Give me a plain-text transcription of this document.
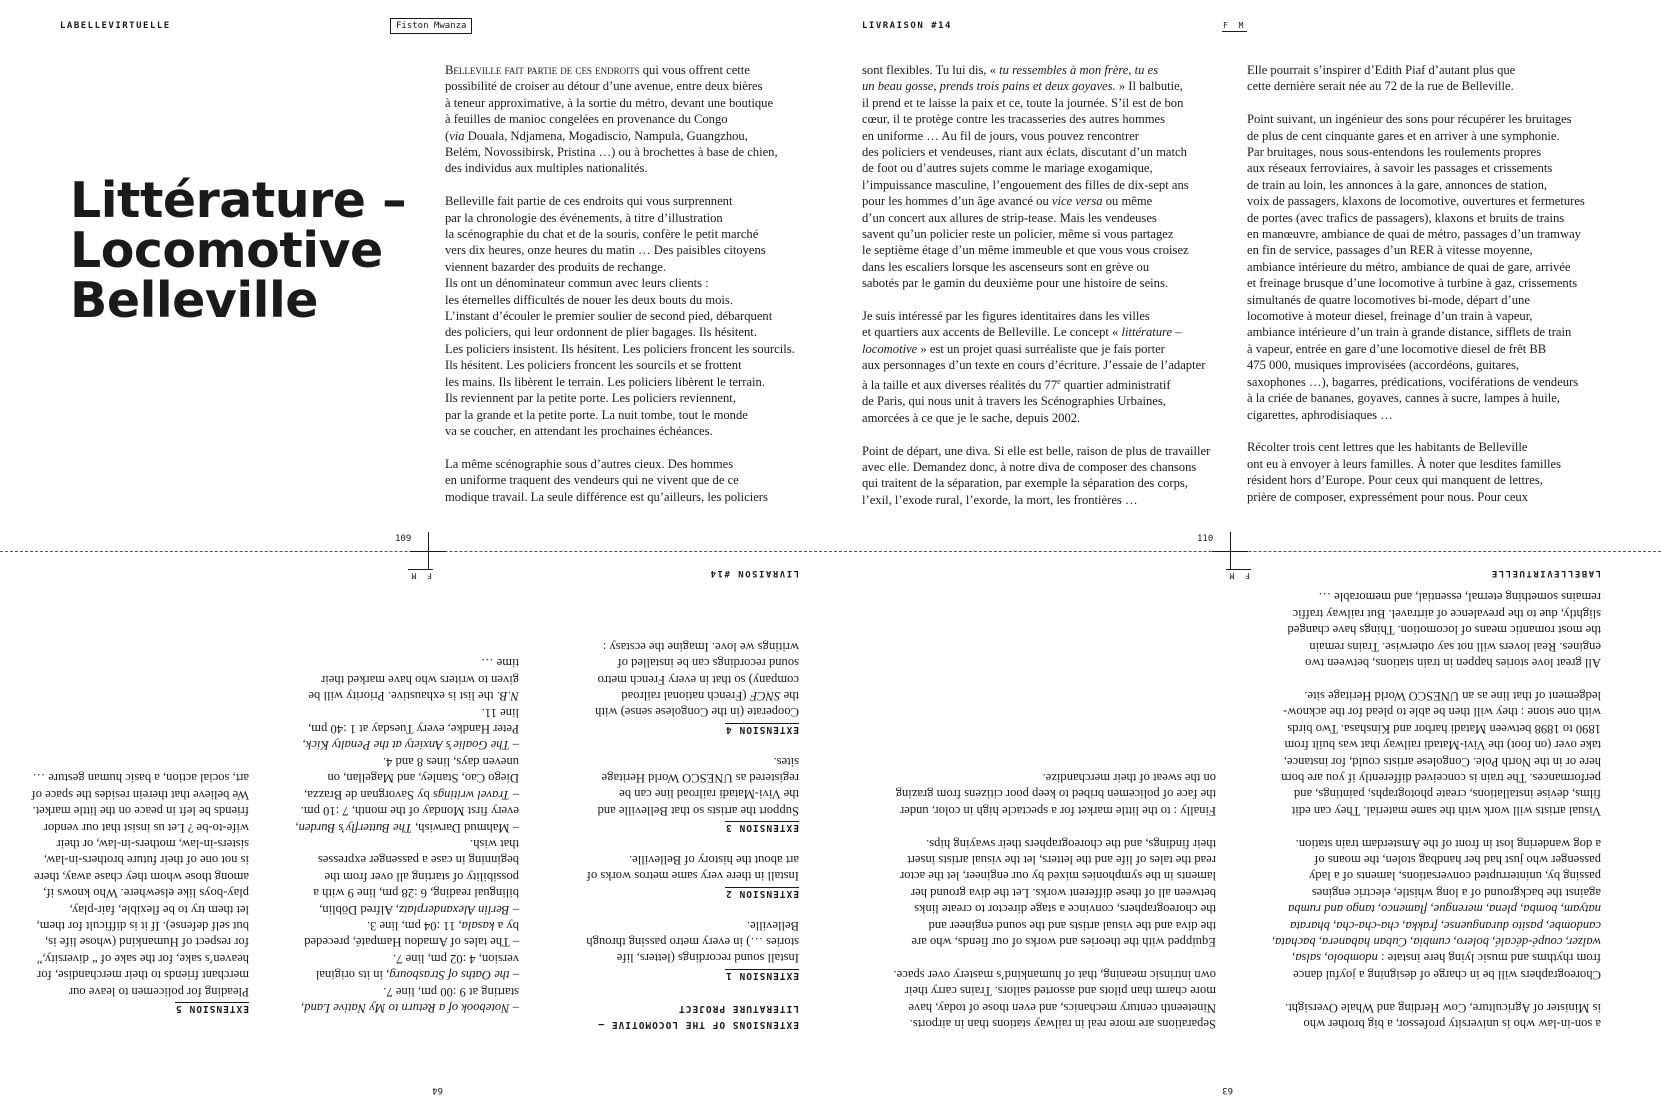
LABELLEVIRTUELLE	Fiston Mwanza	LIVRAISON #14	F M
Littérature –
Locomotive
Belleville

Belleville fait partie de ces endroits qui vous offrent cette
possibilité de croiser au détour d’une avenue, entre deux bières
à teneur approximative, à la sortie du métro, devant une boutique
à feuilles de manioc congelées en provenance du Congo
(via Douala, Ndjamena, Mogadiscio, Nampula, Guangzhou,
Belém, Novossibirsk, Pristina …) ou à brochettes à base de chien,
des individus aux multiples nationalités.

Belleville fait partie de ces endroits qui vous surprennent
par la chronologie des événements, à titre d’illustration
la scénographie du chat et de la souris, confère le petit marché
vers dix heures, onze heures du matin … Des paisibles citoyens
viennent bazarder des produits de rechange.
Ils ont un dénominateur commun avec leurs clients :
les éternelles difficultés de nouer les deux bouts du mois.
L’instant d’écouler le premier soulier de second pied, débarquent
des policiers, qui leur ordonnent de plier bagages. Ils hésitent.
Les policiers insistent. Ils hésitent. Les policiers froncent les sourcils.
Ils hésitent. Les policiers froncent les sourcils et se frottent
les mains. Ils libèrent le terrain. Les policiers libèrent le terrain.
Ils reviennent par la petite porte. Les policiers reviennent,
par la grande et la petite porte. La nuit tombe, tout le monde
va se coucher, en attendant les prochaines échéances.

La même scénographie sous d’autres cieux. Des hommes
en uniforme traquent des vendeurs qui ne vivent que de ce
modique travail. La seule différence est qu’ailleurs, les policiers

sont flexibles. Tu lui dis, « tu ressembles à mon frère, tu es
un beau gosse, prends trois pains et deux goyaves. » Il balbutie,
il prend et te laisse la paix et ce, toute la journée. S’il est de bon
cœur, il te protège contre les tracasseries des autres hommes
en uniforme … Au fil de jours, vous pouvez rencontrer
des policiers et vendeuses, riant aux éclats, discutant d’un match
de foot ou d’autres sujets comme le mariage exogamique,
l’impuissance masculine, l’engouement des filles de dix-sept ans
pour les hommes d’un âge avancé ou vice versa ou même
d’un concert aux allures de strip-tease. Mais les vendeuses
savent qu’un policier reste un policier, même si vous partagez
le septième étage d’un même immeuble et que vous vous croisez
dans les escaliers lorsque les ascenseurs sont en grève ou
sabotés par le gamin du deuxième pour une histoire de seins.

Je suis intéressé par les figures identitaires dans les villes
et quartiers aux accents de Belleville. Le concept « littérature –
locomotive » est un projet quasi surréaliste que je fais porter
aux personnages d’un texte en cours d’écriture. J’essaie de l’adapter
à la taille et aux diverses réalités du 77e quartier administratif
de Paris, qui nous unit à travers les Scénographies Urbaines,
amorcées à ce que je le sache, depuis 2002.

Point de départ, une diva. Si elle est belle, raison de plus de travailler
avec elle. Demandez donc, à notre diva de composer des chansons
qui traitent de la séparation, par exemple la séparation des corps,
l’exil, l’exode rural, l’exorde, la mort, les frontières …

Elle pourrait s’inspirer d’Edith Piaf d’autant plus que
cette dernière serait née au 72 de la rue de Belleville.

Point suivant, un ingénieur des sons pour récupérer les bruitages
de plus de cent cinquante gares et en arriver à une symphonie.
Par bruitages, nous sous-entendons les roulements propres
aux réseaux ferroviaires, à savoir les passages et crissements
de train au loin, les annonces à la gare, annonces de station,
voix de passagers, klaxons de locomotive, ouvertures et fermetures
de portes (avec trafics de passagers), klaxons et bruits de trains
en manœuvre, ambiance de quai de métro, passages d’un tramway
en fin de service, passages d’un RER à vitesse moyenne,
ambiance intérieure du métro, ambiance de quai de gare, arrivée
et freinage brusque d’une locomotive à turbine à gaz, crissements
simultanés de quatre locomotives bi-mode, départ d’une
locomotive à moteur diesel, freinage d’un train à vapeur,
ambiance intérieure d’un train à grande distance, sifflets de train
à vapeur, entrée en gare d’une locomotive diesel de frêt BB
475 000, musiques improvisées (accordéons, guitares,
saxophones …), bagarres, prédications, vociférations de vendeurs
à la criée de bananes, goyaves, cannes à sucre, lampes à huile,
cigarettes, aphrodisiaques …

Récolter trois cent lettres que les habitants de Belleville
ont eu à envoyer à leurs familles. À noter que lesdites familles
résident hors d’Europe. Pour ceux qui manquent de lettres,
prière de composer, expressément pour nous. Pour ceux

109	110
LABELLEVIRTUELLE
F M
63

a son-in-law who is university professor, a big brother who
is Minister of Agriculture, Cow Herding and Whale Oversight.

Choreographers will be in charge of designing a joyful dance
from rhythms and music lying here instate : ndombolo, salsa,
walzer, coupé-décalé, bolero, cumbia, Cuban habanera, bachata,
candombe, pasito duranguense, frakka, cha-cha-cha, bharata
natyam, bomba, plena, merengue, flamenco, tango and rumba
against the background of a long whistle, electric engines
passing by, uninterrupted conversations, laments of a lady
passenger who just had her handbag stolen, the moans of
a dog wandering lost in front of the Amsterdam train station.

Visual artists will work with the same material. They can edit
films, devise installations, create photographs, paintings, and
performances. The train is conceived differently if you are born
here or in the North Pole. Congolese artists could, for instance,
take over (on foot) the Vivi-Matadi railway that was built from
1890 to 1898 between Matadi harbor and Kinshasa. Two birds
with one stone : they will then be able to plead for the acknow-
ledgement of that line as an UNESCO World Heritage site.

All great love stories happen in train stations, between two
engines. Real lovers will not say otherwise. Trains remain
the most romantic means of locomotion. Things have changed
slightly, due to the prevalence of airtravel. But railway traffic
remains something eternal, essential, and memorable …

Separations are more real in railway stations than in airports.
Nineteenth century mechanics, and even those of today, have
more charm than pilots and assorted sailors. Trains carry their
own intrinsic meaning, that of humankind’s mastery over space.

Equipped with the theories and works of our fiends, who are
the diva and the visual artists and the sound engineer and
the choreographers, convince a stage director to create links
between all of these different works. Let the diva ground her
laments in the symphonies mixed by our engineer, let the actor
read the tales of life and the letters, let the visual artists insert
their findings, and the choreographers their swaying hips.

Finally : to the little market for a spectacle high in color, under
the face of policemen bribed to keep poor citizens from grazing
on the sweat of their merchandize.

LIVRAISON #14
F M
64
EXTENSIONS OF THE LOCOMOTIVE –
LITERATURE PROJECT
EXTENSION 1

Install sound recordings (letters, life
stories …) in every metro passing through
Belleville.

EXTENSION 2

Install in there very same metros works of
art about the history of Belleville.

EXTENSION 3

Support the artists so that Belleville and
the Vivi-Matadi railroad line can be
registered as UNESCO World Heritage
sites.

EXTENSION 4

Cooperate (in the Congolese sense) with
the SNCF (French national railroad
company) so that in every French metro
sound recordings can be installed of
writings we love. Imagine the ecstasy :

– Notebook of a Return to My Native Land,
starting at 9 :00 pm, line 7.
– the Oaths of Strasbourg, in its original
version, 4 :02 pm, line 7.
– The tales of Amadou Hampaté, preceded
by a kasala, 11 :04 pm, line 3.
– Berlin Alexanderplatz, Alfred Döblin,
bilingual reading, 6 :28 pm, line 9 with a
possibility of starting all over from the
beginning in case a passenger expresses
that wish.
– Mahmud Darwish, The Butterfly’s Burden,
every first Monday of the month, 7 :10 pm.
– Travel writings by Savorgnan de Brazza,
Diego Cao, Stanley, and Magellan, on
uneven days, lines 8 and 4.
– The Goalie’s Anxiety at the Penalty Kick,
Peter Handke, every Tuesday at 1 :40 pm,
line 11.
N.B. the list is exhaustive. Priority will be
given to writers who have marked their
time …

EXTENSION 5

Pleading for policemen to leave our
merchant friends to their merchandise, for
heaven’s sake, for the sake of “ diversity,”
for respect of Humankind (whose life is,
but self defense). If it is difficult for them,
let them try to be flexible, fair-play,
play-boys like elsewhere. Who knows if,
among those whom they chase away, there
is not one of their future brothers-in-law,
sisters-in-law, mothers-in-law, or their
wife-to-be ? Let us insist that our vendor
friends be left in peace on the little market.
We believe that therein resides the space of
art, social action, a basic human gesture …
